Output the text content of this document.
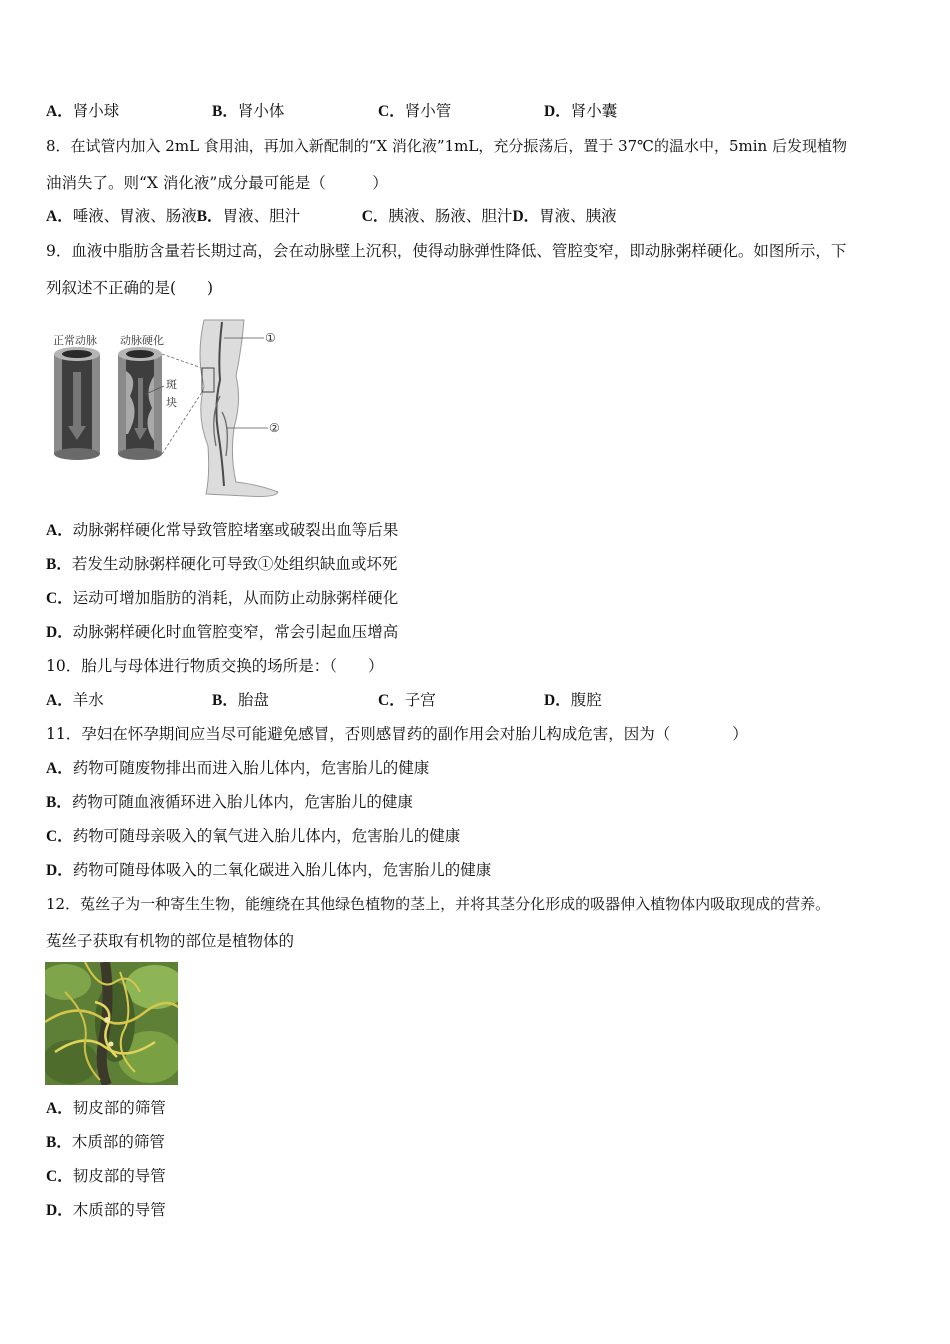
A．肾小球	B．肾小体	C．肾小管	D．肾小囊
8．在试管内加入 2mL 食用油，再加入新配制的“X 消化液”1mL，充分振荡后，置于 37℃的温水中，5min 后发现植物
油消失了。则“X 消化液”成分最可能是（　　　）
A．唾液、胃液、肠液B．胃液、胆汁	C．胰液、肠液、胆汁D．胃液、胰液
9．血液中脂肪含量若长期过高，会在动脉壁上沉积，使得动脉弹性降低、管腔变窄，即动脉粥样硬化。如图所示，下
列叙述不正确的是(　　)
正常动脉 动脉硬化
斑
块
①
②
A．动脉粥样硬化常导致管腔堵塞或破裂出血等后果
B．若发生动脉粥样硬化可导致①处组织缺血或坏死
C．运动可增加脂肪的消耗，从而防止动脉粥样硬化
D．动脉粥样硬化时血管腔变窄，常会引起血压增高
10．胎儿与母体进行物质交换的场所是：（　　）
A．羊水	B．胎盘	C．子宫	D．腹腔
11．孕妇在怀孕期间应当尽可能避免感冒，否则感冒药的副作用会对胎儿构成危害，因为（　　　　）
A．药物可随废物排出而进入胎儿体内，危害胎儿的健康
B．药物可随血液循环进入胎儿体内，危害胎儿的健康
C．药物可随母亲吸入的氧气进入胎儿体内，危害胎儿的健康
D．药物可随母体吸入的二氧化碳进入胎儿体内，危害胎儿的健康
12．菟丝子为一种寄生生物，能缠绕在其他绿色植物的茎上，并将其茎分化形成的吸器伸入植物体内吸取现成的营养。
菟丝子获取有机物的部位是植物体的
A．韧皮部的筛管
B．木质部的筛管
C．韧皮部的导管
D．木质部的导管
